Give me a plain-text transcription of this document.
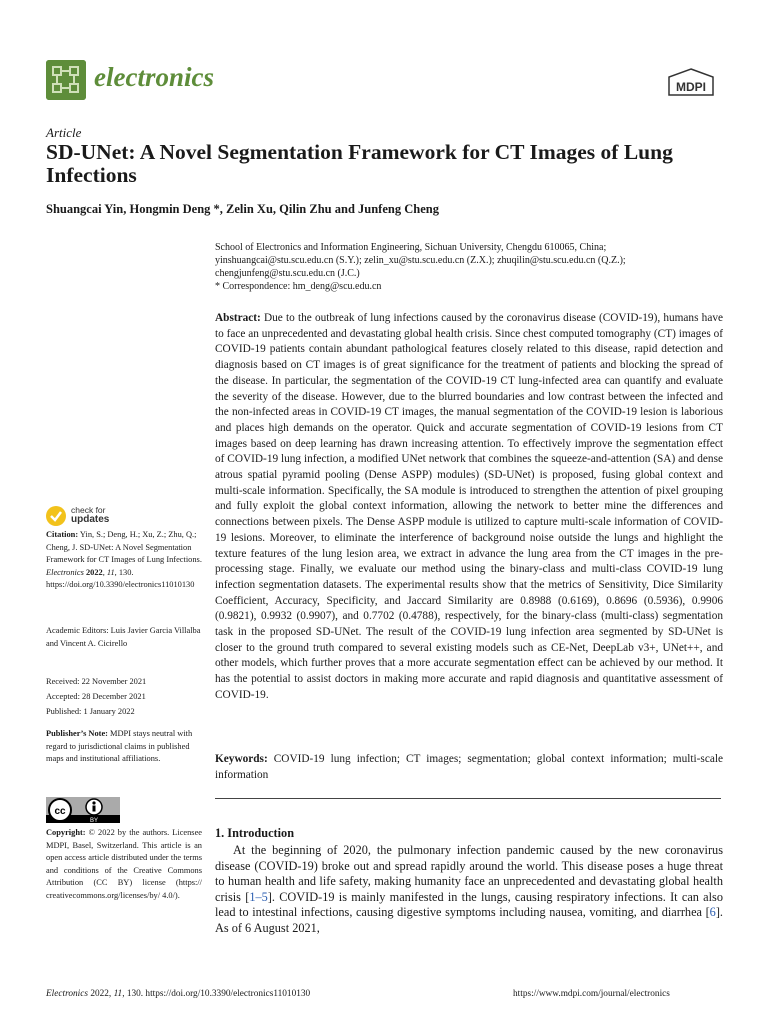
electronics	MDPI
Article
SD-UNet: A Novel Segmentation Framework for CT Images of Lung Infections
Shuangcai Yin, Hongmin Deng *, Zelin Xu, Qilin Zhu and Junfeng Cheng

School of Electronics and Information Engineering, Sichuan University, Chengdu 610065, China;

yinshuangcai@stu.scu.edu.cn (S.Y.); zelin_xu@stu.scu.edu.cn (Z.X.); zhuqilin@stu.scu.edu.cn (Q.Z.);

chengjunfeng@stu.scu.edu.cn (J.C.)

* Correspondence: hm_deng@scu.edu.cn

Abstract: Due to the outbreak of lung infections caused by the coronavirus disease (COVID-19), humans have to face an unprecedented and devastating global health crisis. Since chest computed tomography (CT) images of COVID-19 patients contain abundant pathological features closely related to this disease, rapid detection and diagnosis based on CT images is of great significance for the treatment of patients and blocking the spread of the disease. In particular, the segmentation of the COVID-19 CT lung-infected area can quantify and evaluate the severity of the disease. However, due to the blurred boundaries and low contrast between the infected and the non-infected areas in COVID-19 CT images, the manual segmentation of the COVID-19 lesion is laborious and places high demands on the operator. Quick and accurate segmentation of COVID-19 lesions from CT images based on deep learning has drawn increasing attention. To effectively improve the segmentation effect of COVID-19 lung infection, a modified UNet network that combines the squeeze-and-attention (SA) and dense atrous spatial pyramid pooling (Dense ASPP) modules) (SD-UNet) is proposed, fusing global context and multi-scale information. Specifically, the SA module is introduced to strengthen the attention of pixel grouping and fully exploit the global context information, allowing the network to better mine the differences and connections between pixels. The Dense ASPP module is utilized to capture multi-scale information of COVID-19 lesions. Moreover, to eliminate the interference of background noise outside the lungs and highlight the texture features of the lung lesion area, we extract in advance the lung area from the CT images in the pre-processing stage. Finally, we evaluate our method using the binary-class and multi-class COVID-19 lung infection segmentation datasets. The experimental results show that the metrics of Sensitivity, Dice Similarity Coefficient, Accuracy, Specificity, and Jaccard Similarity are 0.8988 (0.6169), 0.8696 (0.5936), 0.9906 (0.9821), 0.9932 (0.9907), and 0.7702 (0.4788), respectively, for the binary-class (multi-class) segmentation task in the proposed SD-UNet. The result of the COVID-19 lung infection area segmented by SD-UNet is closer to the ground truth compared to several existing models such as CE-Net, DeepLab v3+, UNet++, and other models, which further proves that a more accurate segmentation effect can be achieved by our method. It has the potential to assist doctors in making more accurate and rapid diagnosis and quantitative assessment of COVID-19.

Keywords: COVID-19 lung infection; CT images; segmentation; global context information; multi-scale information

1. Introduction

At the beginning of 2020, the pulmonary infection pandemic caused by the new coronavirus disease (COVID-19) broke out and spread rapidly around the world. This disease poses a huge threat to human health and life safety, making humanity face an unprecedented and devastating global health crisis [1–5]. COVID-19 is mainly manifested in the lungs, causing respiratory infections. It can also lead to intestinal infections, causing digestive symptoms including nausea, vomiting, and diarrhea [6]. As of 6 August 2021,

check for
updates

Citation: Yin, S.; Deng, H.; Xu, Z.; Zhu, Q.; Cheng, J. SD-UNet: A Novel Segmentation Framework for CT Images of Lung Infections. Electronics 2022, 11, 130. https://doi.org/10.3390/electronics11010130

Academic Editors: Luis Javier Garcia Villalba and Vincent A. Cicirello

Received: 22 November 2021

Accepted: 28 December 2021

Published: 1 January 2022

Publisher’s Note: MDPI stays neutral with regard to jurisdictional claims in published maps and institutional affiliations.

cc
BY

Copyright: © 2022 by the authors. Licensee MDPI, Basel, Switzerland. This article is an open access article distributed under the terms and conditions of the Creative Commons Attribution (CC BY) license (https:// creativecommons.org/licenses/by/ 4.0/).

Electronics 2022, 11, 130. https://doi.org/10.3390/electronics11010130	https://www.mdpi.com/journal/electronics
